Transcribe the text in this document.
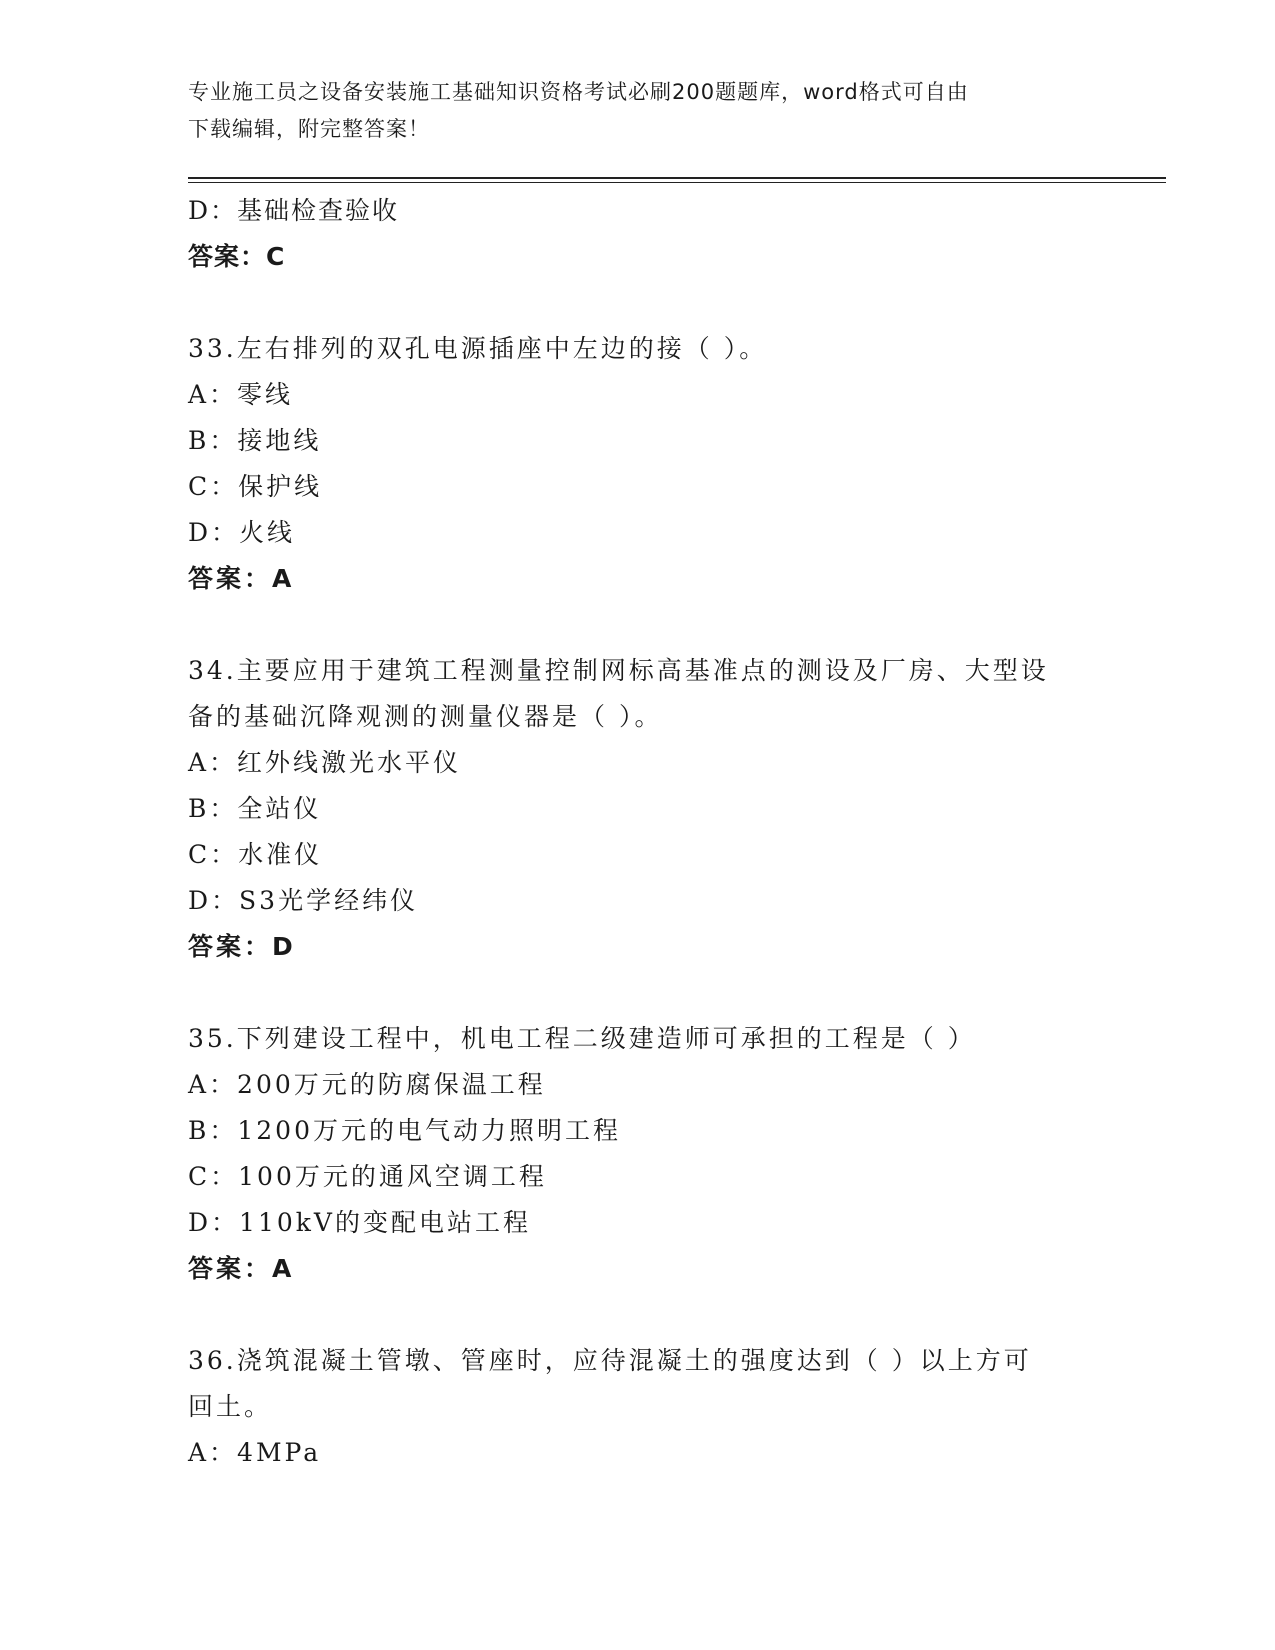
专业施工员之设备安装施工基础知识资格考试必刷200题题库，word格式可自由
下载编辑，附完整答案！
D：基础检查验收
答案：C
33.左右排列的双孔电源插座中左边的接（ ）。
A：零线
B：接地线
C：保护线
D：火线
答案：A
34.主要应用于建筑工程测量控制网标高基准点的测设及厂房、大型设
备的基础沉降观测的测量仪器是（ ）。
A：红外线激光水平仪
B：全站仪
C：水准仪
D：S3光学经纬仪
答案：D
35.下列建设工程中，机电工程二级建造师可承担的工程是（ ）
A：200万元的防腐保温工程
B：1200万元的电气动力照明工程
C：100万元的通风空调工程
D：110kV的变配电站工程
答案：A
36.浇筑混凝土管墩、管座时，应待混凝土的强度达到（ ）以上方可
回土。
A：4MPa
